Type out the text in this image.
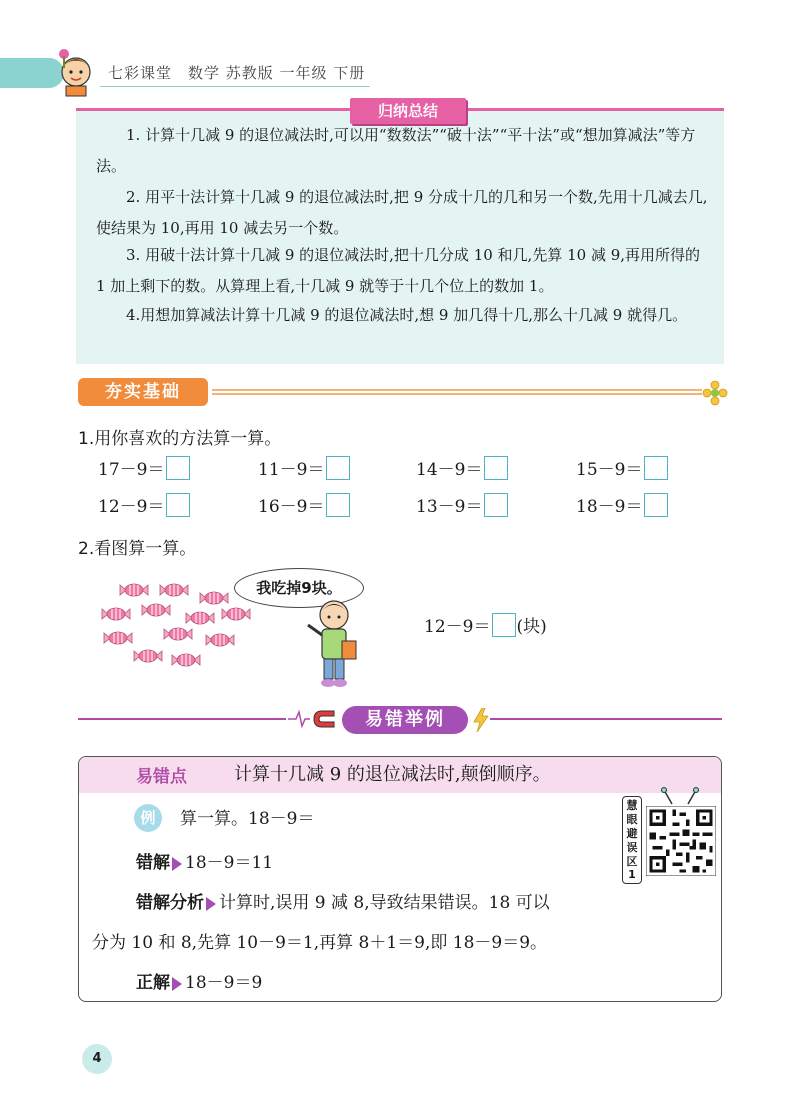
七彩课堂　数学 苏教版 一年级 下册
归纳总结
1. 计算十几减 9 的退位减法时,可以用“数数法”“破十法”“平十法”或“想加算减法”等方法。
2. 用平十法计算十几减 9 的退位减法时,把 9 分成十几的几和另一个数,先用十几减去几,使结果为 10,再用 10 减去另一个数。
3. 用破十法计算十几减 9 的退位减法时,把十几分成 10 和几,先算 10 减 9,再用所得的 1 加上剩下的数。从算理上看,十几减 9 就等于十几个位上的数加 1。
4.用想加算减法计算十几减 9 的退位减法时,想 9 加几得十几,那么十几减 9 就得几。
夯实基础
1.用你喜欢的方法算一算。
17－9＝	11－9＝	14－9＝	15－9＝
12－9＝	16－9＝	13－9＝	18－9＝
2.看图算一算。
我吃掉9块。
12－9＝ (块)
易错举例
易错点	计算十几减 9 的退位减法时,颠倒顺序。
例	算一算。18－9＝
错解 18－9＝11
错解分析 计算时,误用 9 减 8,导致结果错误。18 可以
分为 10 和 8,先算 10－9＝1,再算 8＋1＝9,即 18－9＝9。
正解 18－9＝9
慧眼避误区
1
4
